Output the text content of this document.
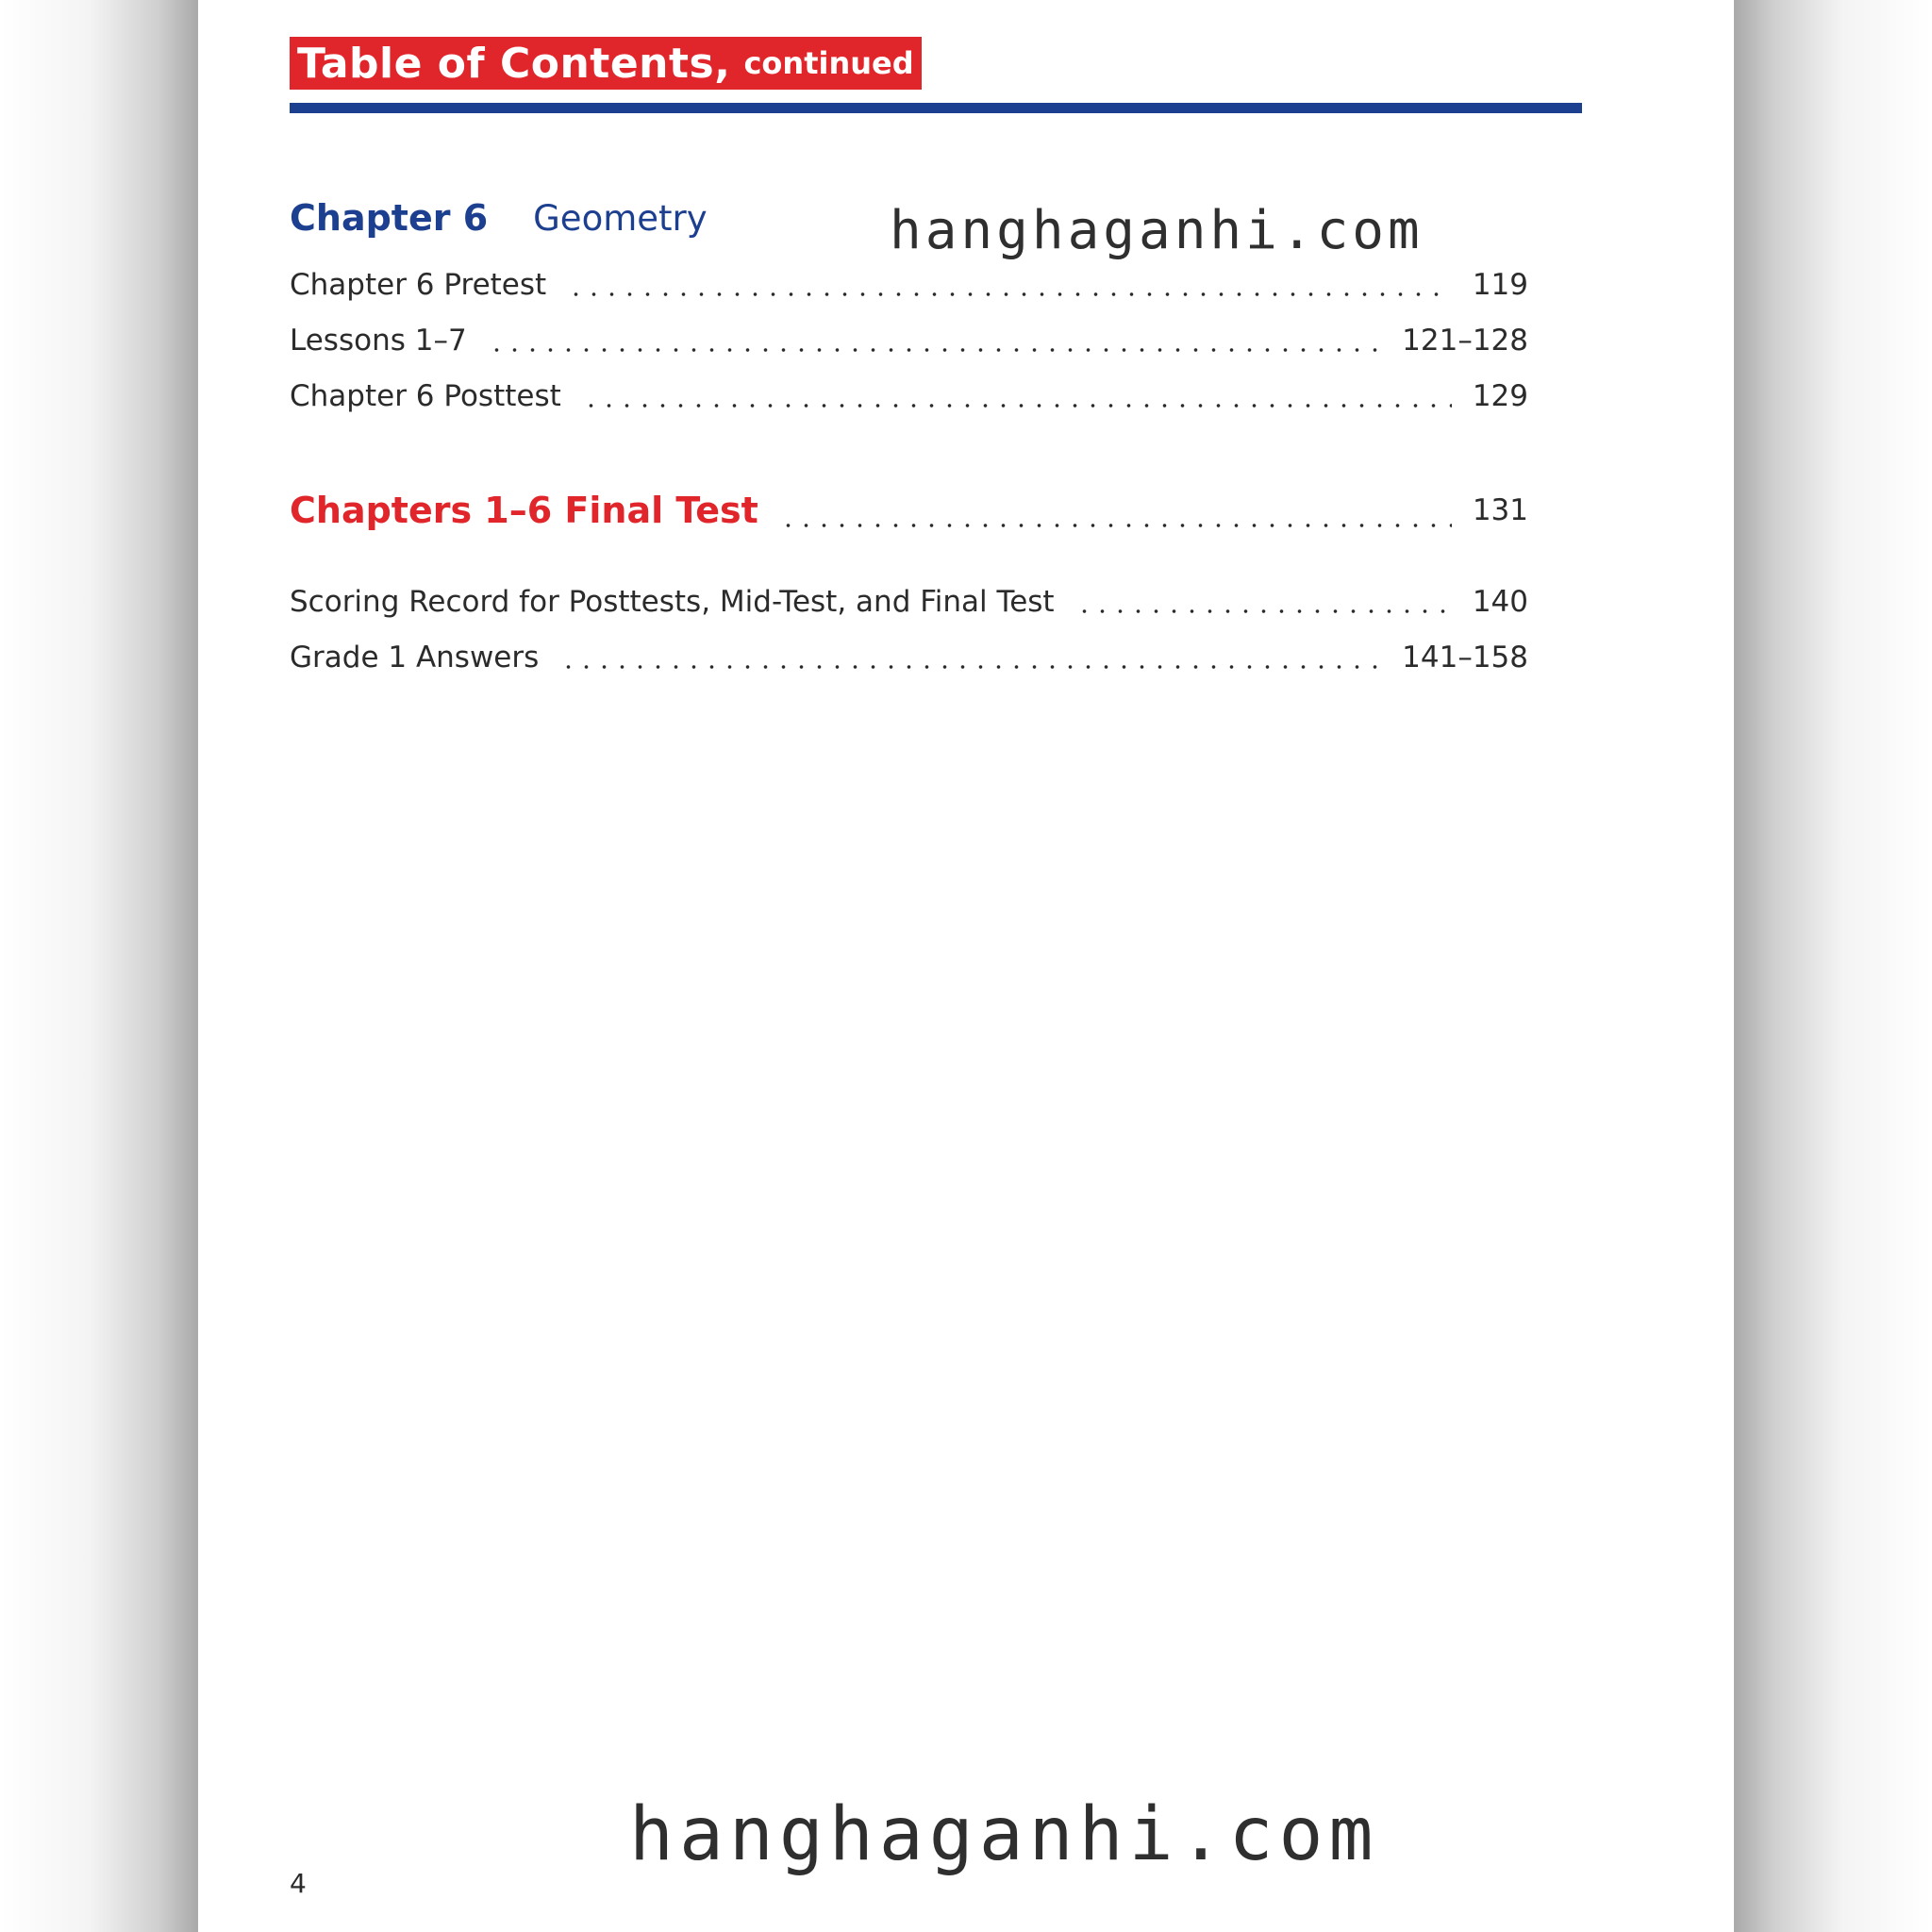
Table of Contents, continued
Chapter 6 Geometry
Chapter 6 Pretest	119
Lessons 1–7	121–128
Chapter 6 Posttest	129
Chapters 1–6 Final Test	131
Scoring Record for Posttests, Mid-Test, and Final Test	140
Grade 1 Answers	141–158
hanghaganhi.com
hanghaganhi.com
4
